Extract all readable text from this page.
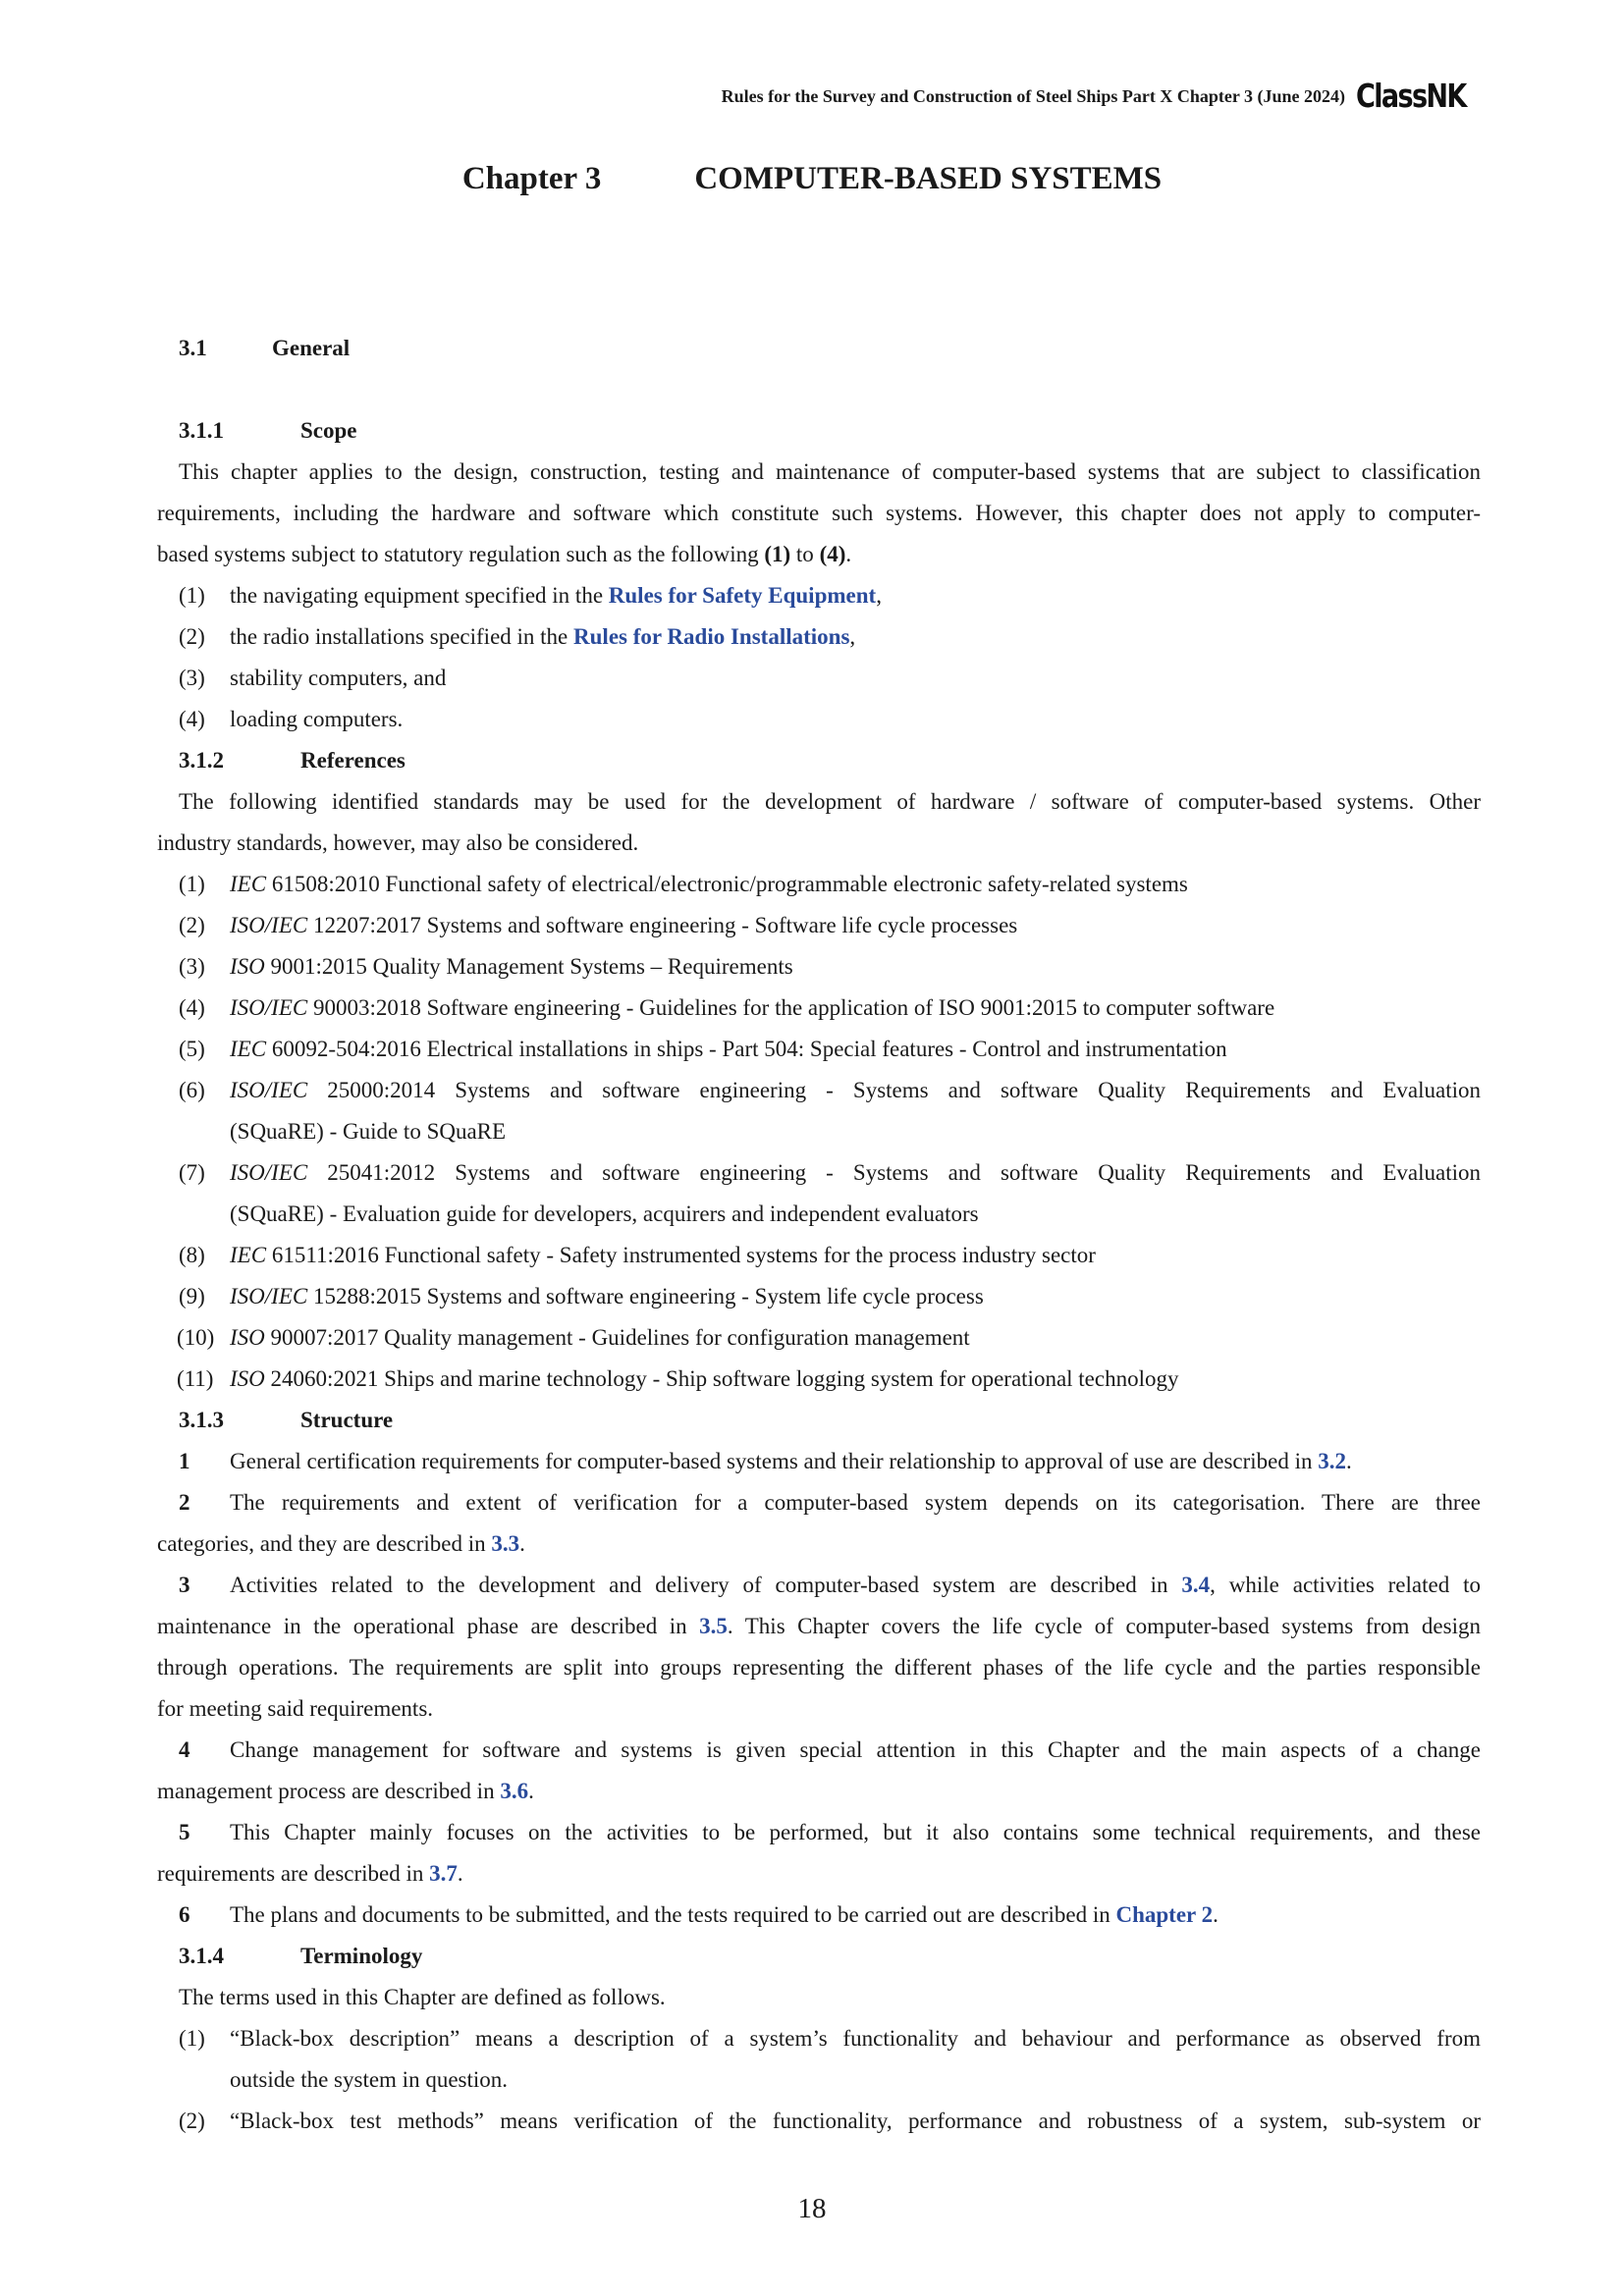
Rules for the Survey and Construction of Steel Ships Part X Chapter 3 (June 2024) ClassNK
Chapter 3	COMPUTER-BASED SYSTEMS
3.1	General
3.1.1	Scope
This chapter applies to the design, construction, testing and maintenance of computer-based systems that are subject to classification
requirements, including the hardware and software which constitute such systems. However, this chapter does not apply to computer-
based systems subject to statutory regulation such as the following (1) to (4).
(1) the navigating equipment specified in the Rules for Safety Equipment,
(2) the radio installations specified in the Rules for Radio Installations,
(3) stability computers, and
(4) loading computers.
3.1.2	References
The following identified standards may be used for the development of hardware / software of computer-based systems. Other
industry standards, however, may also be considered.
(1) IEC 61508:2010 Functional safety of electrical/electronic/programmable electronic safety-related systems
(2) ISO/IEC 12207:2017 Systems and software engineering - Software life cycle processes
(3) ISO 9001:2015 Quality Management Systems – Requirements
(4) ISO/IEC 90003:2018 Software engineering - Guidelines for the application of ISO 9001:2015 to computer software
(5) IEC 60092-504:2016 Electrical installations in ships - Part 504: Special features - Control and instrumentation
(6) ISO/IEC 25000:2014 Systems and software engineering - Systems and software Quality Requirements and Evaluation
(SQuaRE) - Guide to SQuaRE
(7) ISO/IEC 25041:2012 Systems and software engineering - Systems and software Quality Requirements and Evaluation
(SQuaRE) - Evaluation guide for developers, acquirers and independent evaluators
(8) IEC 61511:2016 Functional safety - Safety instrumented systems for the process industry sector
(9) ISO/IEC 15288:2015 Systems and software engineering - System life cycle process
(10) ISO 90007:2017 Quality management - Guidelines for configuration management
(11) ISO 24060:2021 Ships and marine technology - Ship software logging system for operational technology
3.1.3	Structure
1 General certification requirements for computer-based systems and their relationship to approval of use are described in 3.2.
2 The requirements and extent of verification for a computer-based system depends on its categorisation. There are three
categories, and they are described in 3.3.
3 Activities related to the development and delivery of computer-based system are described in 3.4, while activities related to
maintenance in the operational phase are described in 3.5. This Chapter covers the life cycle of computer-based systems from design
through operations. The requirements are split into groups representing the different phases of the life cycle and the parties responsible
for meeting said requirements.
4 Change management for software and systems is given special attention in this Chapter and the main aspects of a change
management process are described in 3.6.
5 This Chapter mainly focuses on the activities to be performed, but it also contains some technical requirements, and these
requirements are described in 3.7.
6 The plans and documents to be submitted, and the tests required to be carried out are described in Chapter 2.
3.1.4	Terminology
The terms used in this Chapter are defined as follows.
(1) “Black-box description” means a description of a system’s functionality and behaviour and performance as observed from
outside the system in question.
(2) “Black-box test methods” means verification of the functionality, performance and robustness of a system, sub-system or
18
